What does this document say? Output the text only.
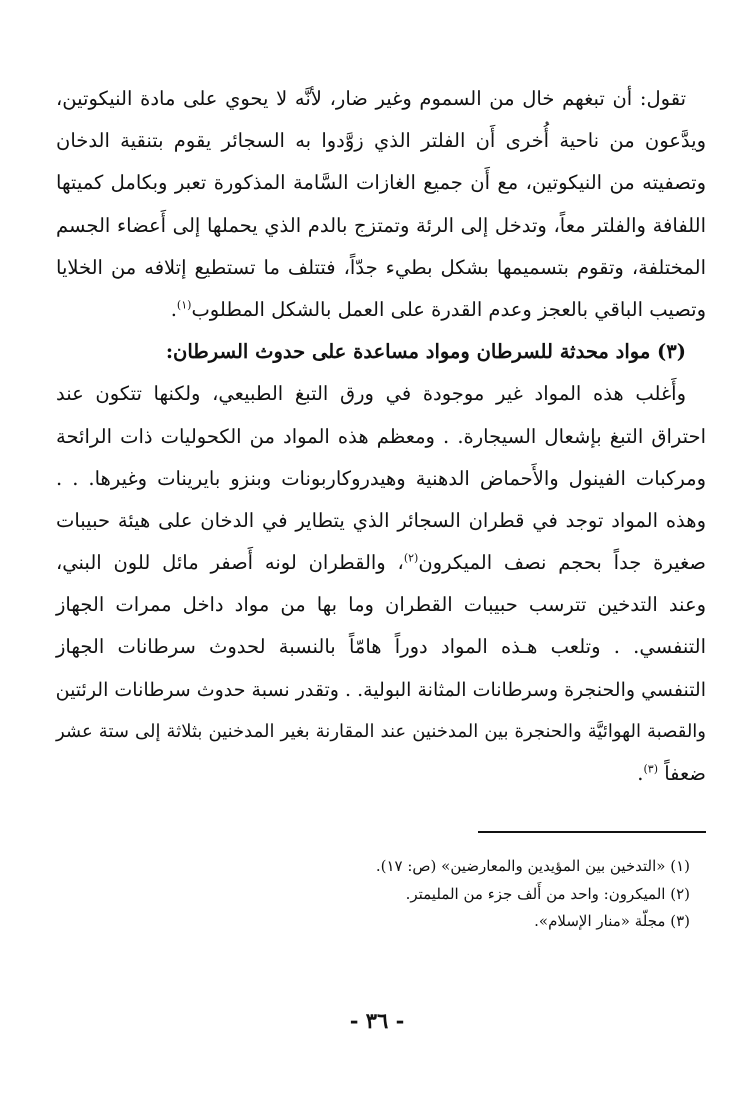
تقول: أن تبغهم خال من السموم وغير ضار، لأنَّه لا يحوي على مادة النيكوتين،
ويدَّعون من ناحية أُخرى أَن الفلتر الذي زوَّدوا به السجائر يقوم بتنقية الدخان
وتصفيته من النيكوتين، مع أَن جميع الغازات السَّامة المذكورة تعبر وبكامل كميتها
اللفافة والفلتر معاً، وتدخل إلى الرئة وتمتزج بالدم الذي يحملها إلى أَعضاء الجسم
المختلفة، وتقوم بتسميمها بشكل بطيء جدّاً، فتتلف ما تستطيع إتلافه من الخلايا
وتصيب الباقي بالعجز وعدم القدرة على العمل بالشكل المطلوب$^{(١)}$.
(٣) مواد محدثة للسرطان ومواد مساعدة على حدوث السرطان:
وأَغلب هذه المواد غير موجودة في ورق التبغ الطبيعي، ولكنها تتكون عند
احتراق التبغ بإشعال السيجارة. . ومعظم هذه المواد من الكحوليات ذات الرائحة
ومركبات الفينول والأَحماض الدهنية وهيدروكاربونات وبنزو بايرينات وغيرها. . .
وهذه المواد توجد في قطران السجائر الذي يتطاير في الدخان على هيئة حبيبات
صغيرة جداً بحجم نصف الميكرون$^{(٢)}$، والقطران لونه أَصفر مائل للون البني،
وعند التدخين تترسب حبيبات القطران وما بها من مواد داخل ممرات الجهاز
التنفسي. . وتلعب هـذه المواد دوراً هامّاً بالنسبة لحدوث سرطانات الجهاز
التنفسي والحنجرة وسرطانات المثانة البولية. . وتقدر نسبة حدوث سرطانات الرئتين
والقصبة الهوائيَّة والحنجرة بين المدخنين عند المقارنة بغير المدخنين بثلاثة إلى ستة عشر
ضعفاً $^{(٣)}$.
(١) «التدخين بين المؤيدين والمعارضين» (ص: ١٧).
(٢) الميكرون: واحد من أَلف جزء من المليمتر.
(٣) مجلّة «منار الإسلام».
- ٣٦ -
